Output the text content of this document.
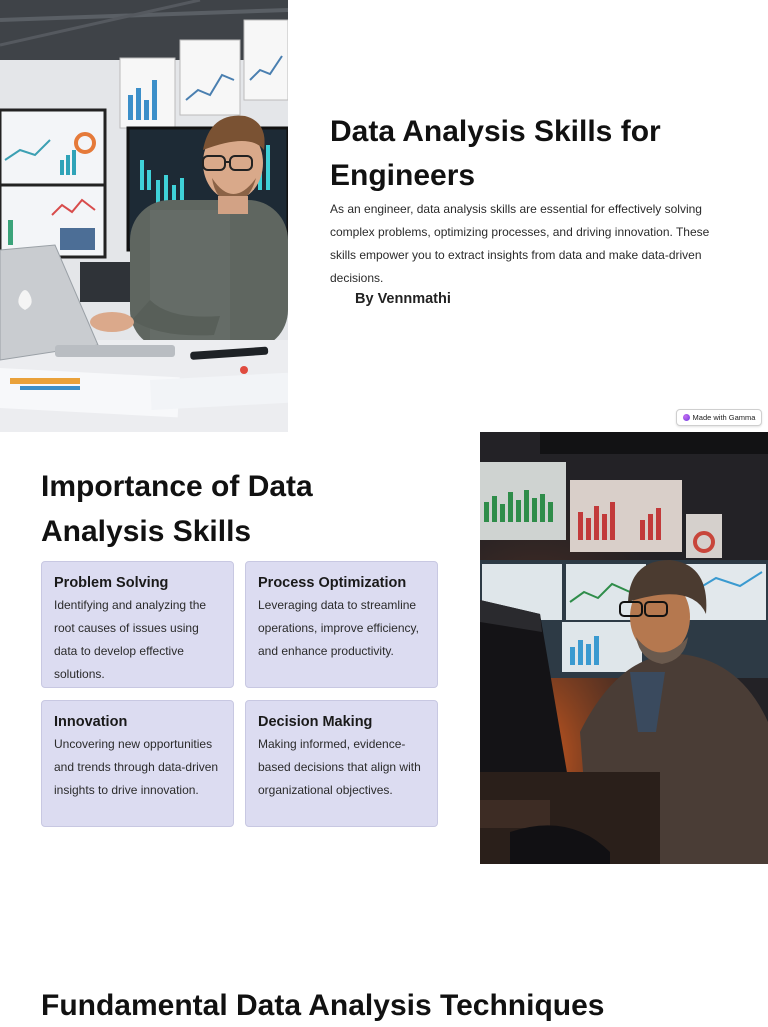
Data Analysis Skills for Engineers

As an engineer, data analysis skills are essential for effectively solving complex problems, optimizing processes, and driving innovation. These skills empower you to extract insights from data and make data-driven decisions.

By Vennmathi
Made with Gamma
Importance of Data Analysis Skills
Problem Solving

Identifying and analyzing the root causes of issues using data to develop effective solutions.

Process Optimization

Leveraging data to streamline operations, improve efficiency, and enhance productivity.

Innovation

Uncovering new opportunities and trends through data-driven insights to drive innovation.

Decision Making

Making informed, evidence-based decisions that align with organizational objectives.

Fundamental Data Analysis Techniques
